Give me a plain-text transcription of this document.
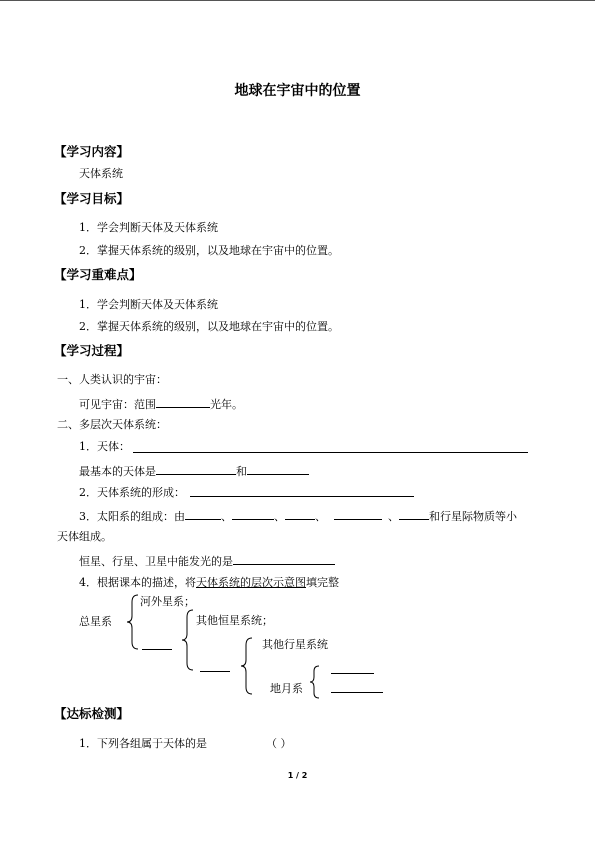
地球在宇宙中的位置
【学习内容】
天体系统
【学习目标】
1．学会判断天体及天体系统
2．掌握天体系统的级别，以及地球在宇宙中的位置。
【学习重难点】
1．学会判断天体及天体系统
2．掌握天体系统的级别，以及地球在宇宙中的位置。
【学习过程】
一、人类认识的宇宙：
可见宇宙：范围	光年。
二、多层次天体系统：
1．天体：
最基本的天体是	和
2．天体系统的形成：
3．太阳系的组成：由	、	、	、	、	和行星际物质等小
天体组成。
恒星、行星、卫星中能发光的是
4．根据课本的描述，将天体系统的层次示意图填完整
总星系
河外星系；
其他恒星系统；
其他行星系统
地月系
【达标检测】
1．下列各组属于天体的是	（ ）
1 / 2
